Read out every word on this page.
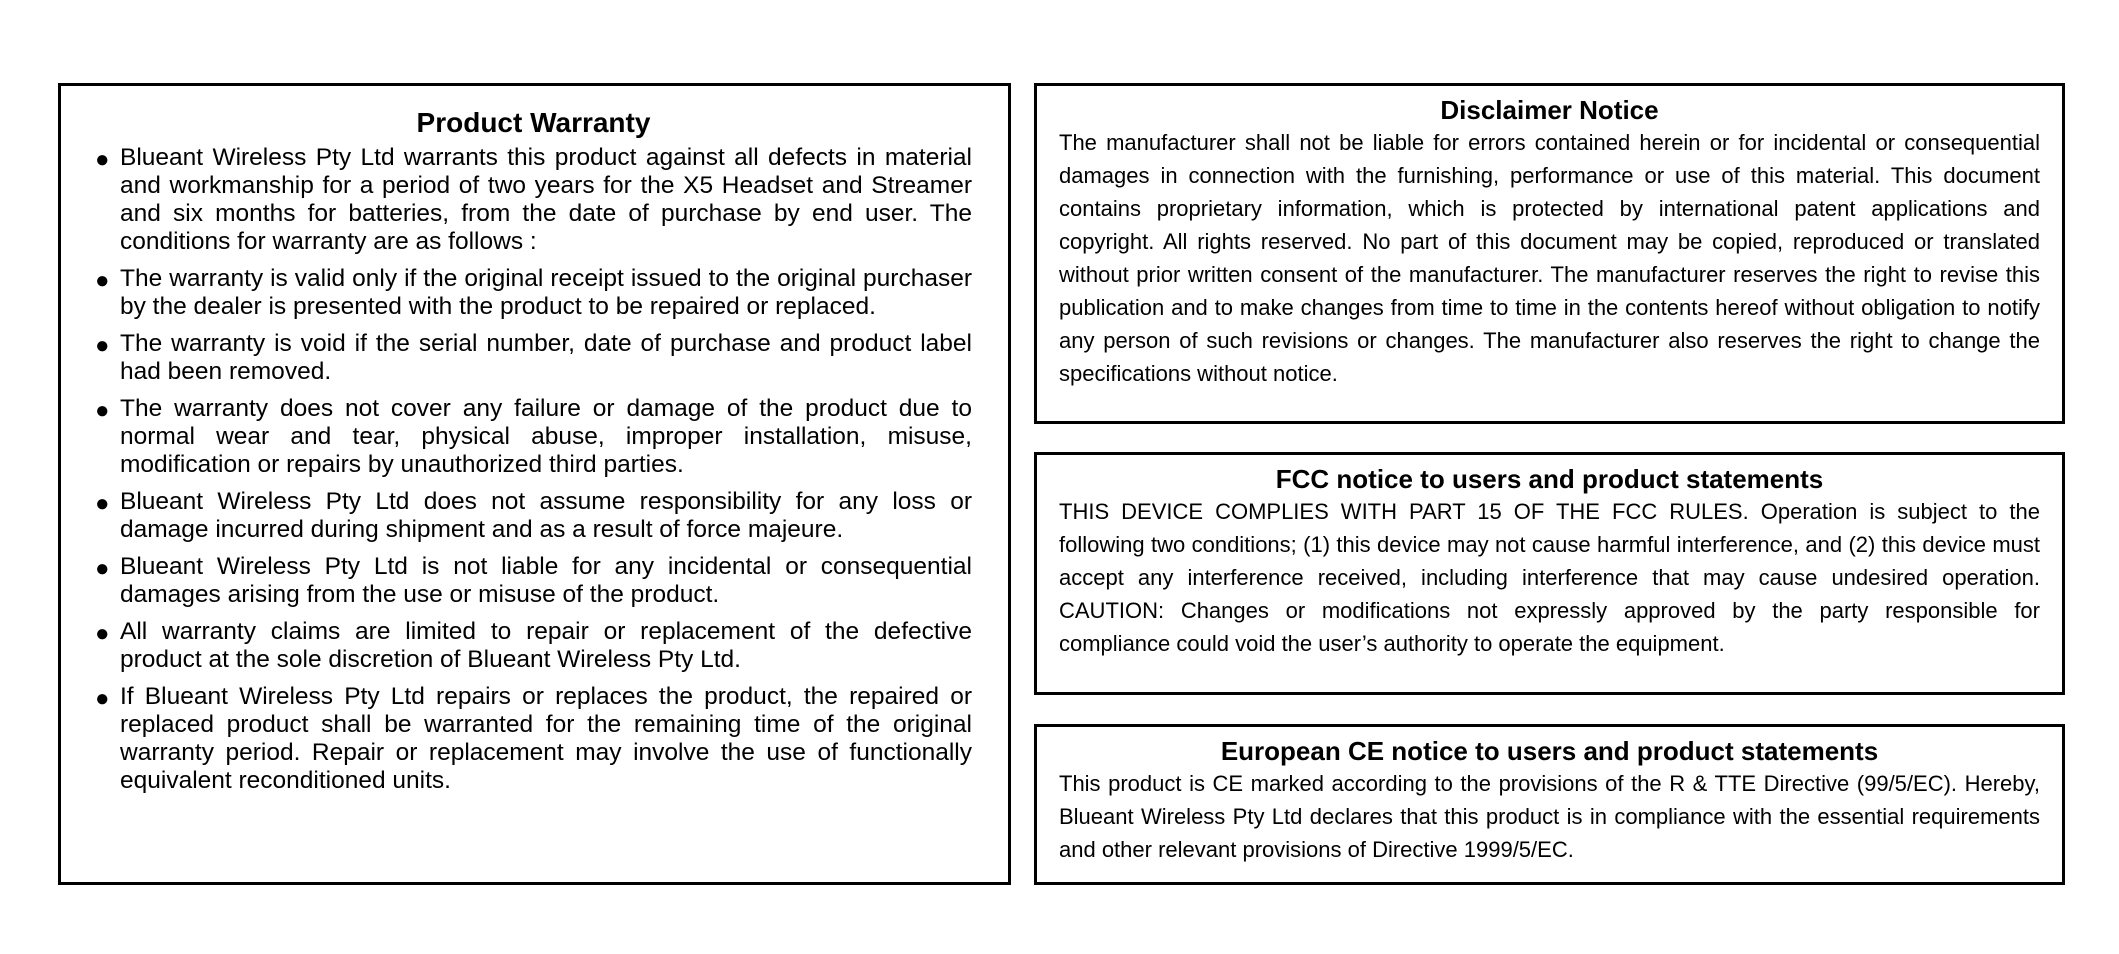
Product Warranty
● Blueant Wireless Pty Ltd warrants this product against all defects in material and workmanship for a period of two years for the X5 Headset and Streamer and six months for batteries, from the date of purchase by end user. The conditions for warranty are as follows :
● The warranty is valid only if the original receipt issued to the original purchaser by the dealer is presented with the product to be repaired or replaced.
● The warranty is void if the serial number, date of purchase and product label had been removed.
● The warranty does not cover any failure or damage of the product due to normal wear and tear, physical abuse, improper installation, misuse, modification or repairs by unauthorized third parties.
● Blueant Wireless Pty Ltd does not assume responsibility for any loss or damage incurred during shipment and as a result of force majeure.
● Blueant Wireless Pty Ltd is not liable for any incidental or consequential damages arising from the use or misuse of the product.
● All warranty claims are limited to repair or replacement of the defective product at the sole discretion of Blueant Wireless Pty Ltd.
● If Blueant Wireless Pty Ltd repairs or replaces the product, the repaired or replaced product shall be warranted for the remaining time of the original warranty period. Repair or replacement may involve the use of functionally equivalent reconditioned units.
Disclaimer Notice

The manufacturer shall not be liable for errors contained herein or for incidental or consequential damages in connection with the furnishing, performance or use of this material. This document contains proprietary information, which is protected by international patent applications and copyright. All rights reserved. No part of this document may be copied, reproduced or translated without prior written consent of the manufacturer. The manufacturer reserves the right to revise this publication and to make changes from time to time in the contents hereof without obligation to notify any person of such revisions or changes. The manufacturer also reserves the right to change the specifications without notice.

FCC notice to users and product statements

THIS DEVICE COMPLIES WITH PART 15 OF THE FCC RULES. Operation is subject to the following two conditions; (1) this device may not cause harmful interference, and (2) this device must accept any interference received, including interference that may cause undesired operation. CAUTION: Changes or modifications not expressly approved by the party responsible for compliance could void the user’s authority to operate the equipment.

European CE notice to users and product statements

This product is CE marked according to the provisions of the R & TTE Directive (99/5/EC). Hereby, Blueant Wireless Pty Ltd declares that this product is in compliance with the essential requirements and other relevant provisions of Directive 1999/5/EC.
